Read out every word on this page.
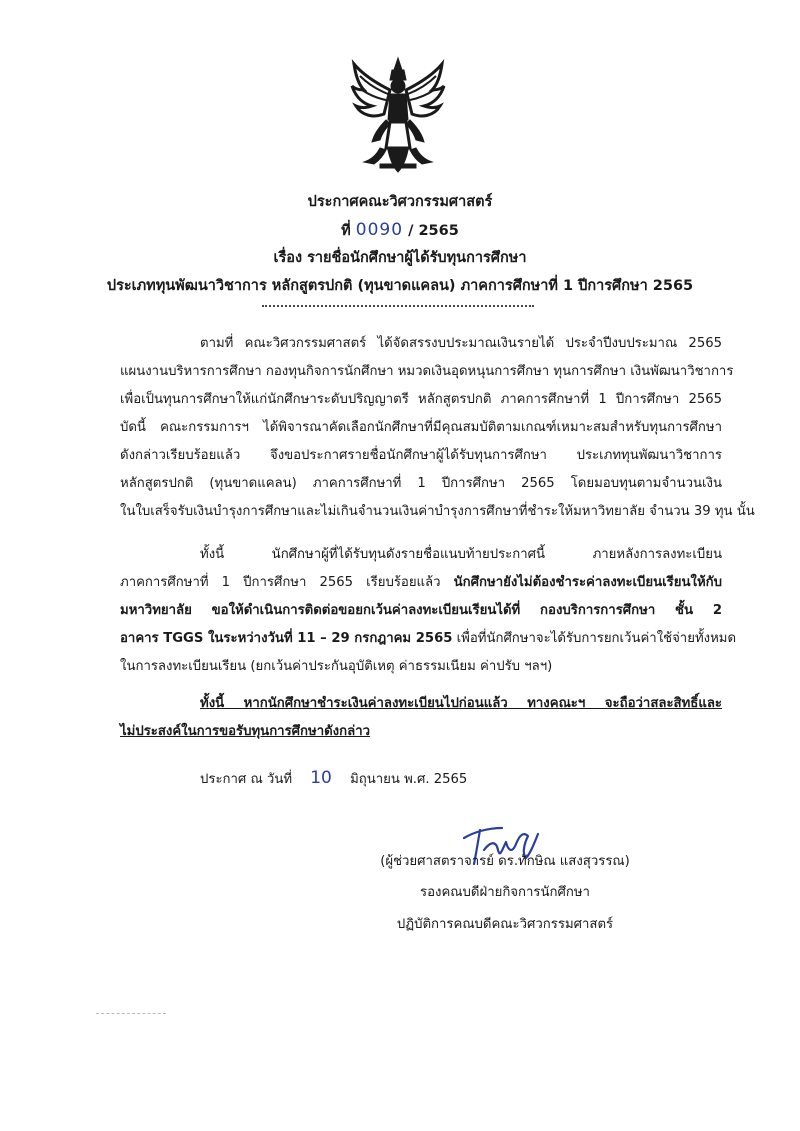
ประกาศคณะวิศวกรรมศาสตร์
ที่ 0090 / 2565
เรื่อง รายชื่อนักศึกษาผู้ได้รับทุนการศึกษา
ประเภททุนพัฒนาวิชาการ หลักสูตรปกติ (ทุนขาดแคลน) ภาคการศึกษาที่ 1 ปีการศึกษา 2565
ตามที่ คณะวิศวกรรมศาสตร์ ได้จัดสรรงบประมาณเงินรายได้ ประจำปีงบประมาณ 2565
แผนงานบริหารการศึกษา กองทุนกิจการนักศึกษา หมวดเงินอุดหนุนการศึกษา ทุนการศึกษา เงินพัฒนาวิชาการ
เพื่อเป็นทุนการศึกษาให้แก่นักศึกษาระดับปริญญาตรี หลักสูตรปกติ ภาคการศึกษาที่ 1 ปีการศึกษา 2565
บัดนี้ คณะกรรมการฯ ได้พิจารณาคัดเลือกนักศึกษาที่มีคุณสมบัติตามเกณฑ์เหมาะสมสำหรับทุนการศึกษา
ดังกล่าวเรียบร้อยแล้ว จึงขอประกาศรายชื่อนักศึกษาผู้ได้รับทุนการศึกษา ประเภททุนพัฒนาวิชาการ
หลักสูตรปกติ (ทุนขาดแคลน) ภาคการศึกษาที่ 1 ปีการศึกษา 2565 โดยมอบทุนตามจำนวนเงิน
ในใบเสร็จรับเงินบำรุงการศึกษาและไม่เกินจำนวนเงินค่าบำรุงการศึกษาที่ชำระให้มหาวิทยาลัย จำนวน 39 ทุน นั้น
ทั้งนี้ นักศึกษาผู้ที่ได้รับทุนดังรายชื่อแนบท้ายประกาศนี้ ภายหลังการลงทะเบียน
ภาคการศึกษาที่ 1 ปีการศึกษา 2565 เรียบร้อยแล้ว นักศึกษายังไม่ต้องชำระค่าลงทะเบียนเรียนให้กับ
มหาวิทยาลัย ขอให้ดำเนินการติดต่อขอยกเว้นค่าลงทะเบียนเรียนได้ที่ กองบริการการศึกษา ชั้น 2
อาคาร TGGS ในระหว่างวันที่ 11 – 29 กรกฎาคม 2565 เพื่อที่นักศึกษาจะได้รับการยกเว้นค่าใช้จ่ายทั้งหมด
ในการลงทะเบียนเรียน (ยกเว้นค่าประกันอุบัติเหตุ ค่าธรรมเนียม ค่าปรับ ฯลฯ)
ทั้งนี้ หากนักศึกษาชำระเงินค่าลงทะเบียนไปก่อนแล้ว ทางคณะฯ จะถือว่าสละสิทธิ์และ
ไม่ประสงค์ในการขอรับทุนการศึกษาดังกล่าว
ประกาศ ณ วันที่ 10 มิถุนายน พ.ศ. 2565
(ผู้ช่วยศาสตราจารย์ ดร.ทักษิณ แสงสุวรรณ)
รองคณบดีฝ่ายกิจการนักศึกษา
ปฏิบัติการคณบดีคณะวิศวกรรมศาสตร์
